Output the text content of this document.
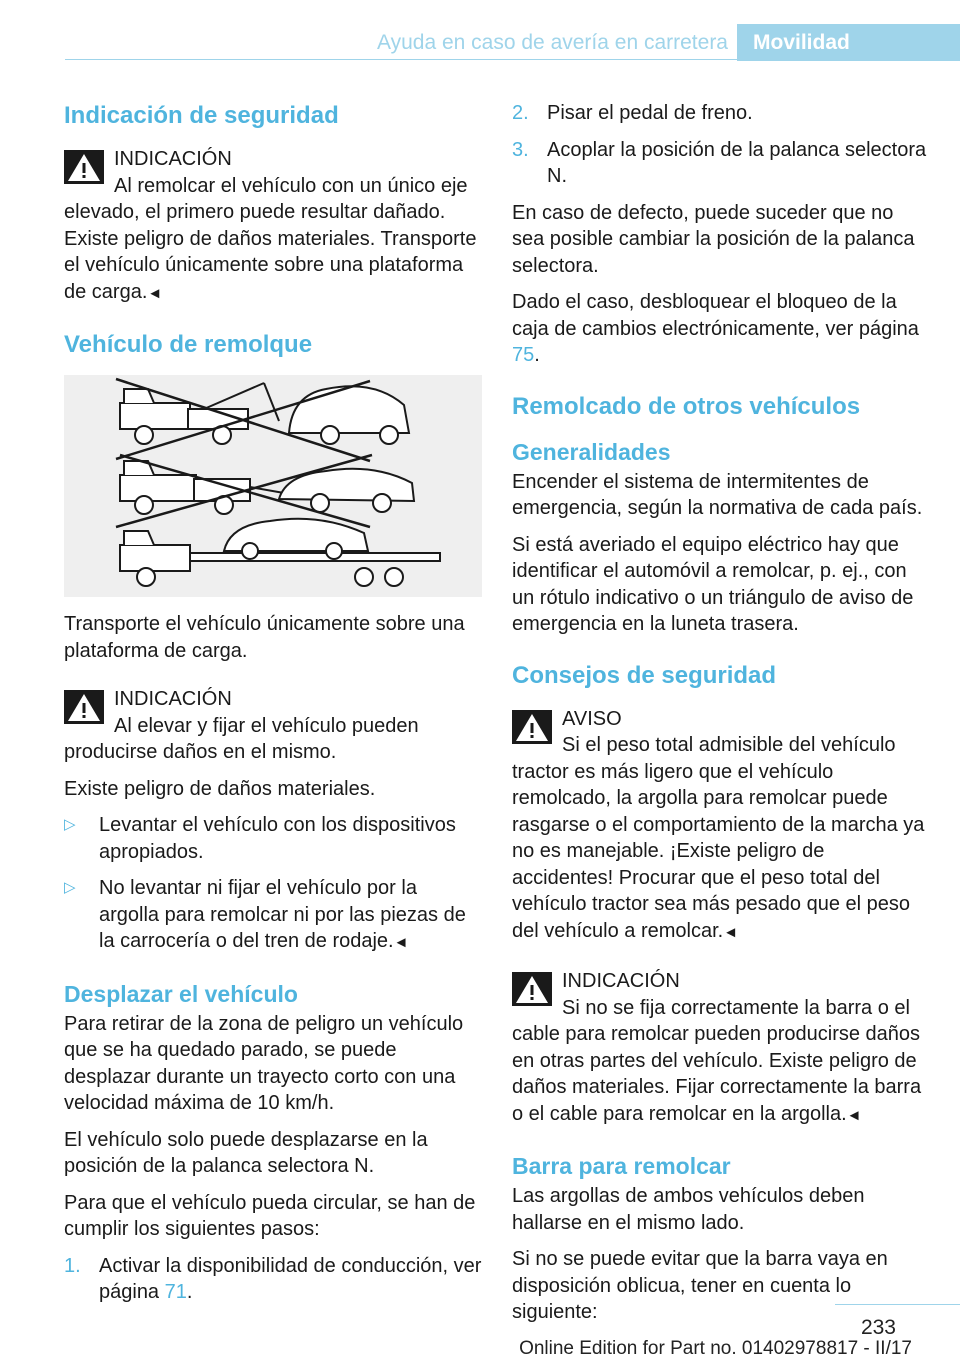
Ayuda en caso de avería en carretera Movilidad
Indicación de seguridad

INDICACIÓN
Al remolcar el vehículo con un único eje elevado, el primero puede resultar dañado. Existe peligro de daños materiales. Transporte el vehículo únicamente sobre una plataforma de carga.◄

Vehículo de remolque

Transporte el vehículo únicamente sobre una plataforma de carga.

INDICACIÓN
Al elevar y fijar el vehículo pueden producirse daños en el mismo.

Existe peligro de daños materiales.

▷ Levantar el vehículo con los dispositivos apropiados.
▷ No levantar ni fijar el vehículo por la argolla para remolcar ni por las piezas de la carrocería o del tren de rodaje.◄
Desplazar el vehículo

Para retirar de la zona de peligro un vehículo que se ha quedado parado, se puede desplazar durante un trayecto corto con una velocidad máxima de 10 km/h.

El vehículo solo puede desplazarse en la posición de la palanca selectora N.

Para que el vehículo pueda circular, se han de cumplir los siguientes pasos:

1. Activar la disponibilidad de conducción, ver página 71.
2. Pisar el pedal de freno.
3. Acoplar la posición de la palanca selectora N.

En caso de defecto, puede suceder que no sea posible cambiar la posición de la palanca selectora.

Dado el caso, desbloquear el bloqueo de la caja de cambios electrónicamente, ver página 75.

Remolcado de otros vehículos
Generalidades

Encender el sistema de intermitentes de emergencia, según la normativa de cada país.

Si está averiado el equipo eléctrico hay que identificar el automóvil a remolcar, p. ej., con un rótulo indicativo o un triángulo de aviso de emergencia en la luneta trasera.

Consejos de seguridad

AVISO
Si el peso total admisible del vehículo tractor es más ligero que el vehículo remolcado, la argolla para remolcar puede rasgarse o el comportamiento de la marcha ya no es manejable. ¡Existe peligro de accidentes! Procurar que el peso total del vehículo tractor sea más pesado que el peso del vehículo a remolcar.◄

INDICACIÓN
Si no se fija correctamente la barra o el cable para remolcar pueden producirse daños en otras partes del vehículo. Existe peligro de daños materiales. Fijar correctamente la barra o el cable para remolcar en la argolla.◄

Barra para remolcar

Las argollas de ambos vehículos deben hallarse en el mismo lado.

Si no se puede evitar que la barra vaya en disposición oblicua, tener en cuenta lo siguiente:

233
Online Edition for Part no. 01402978817 - II/17
